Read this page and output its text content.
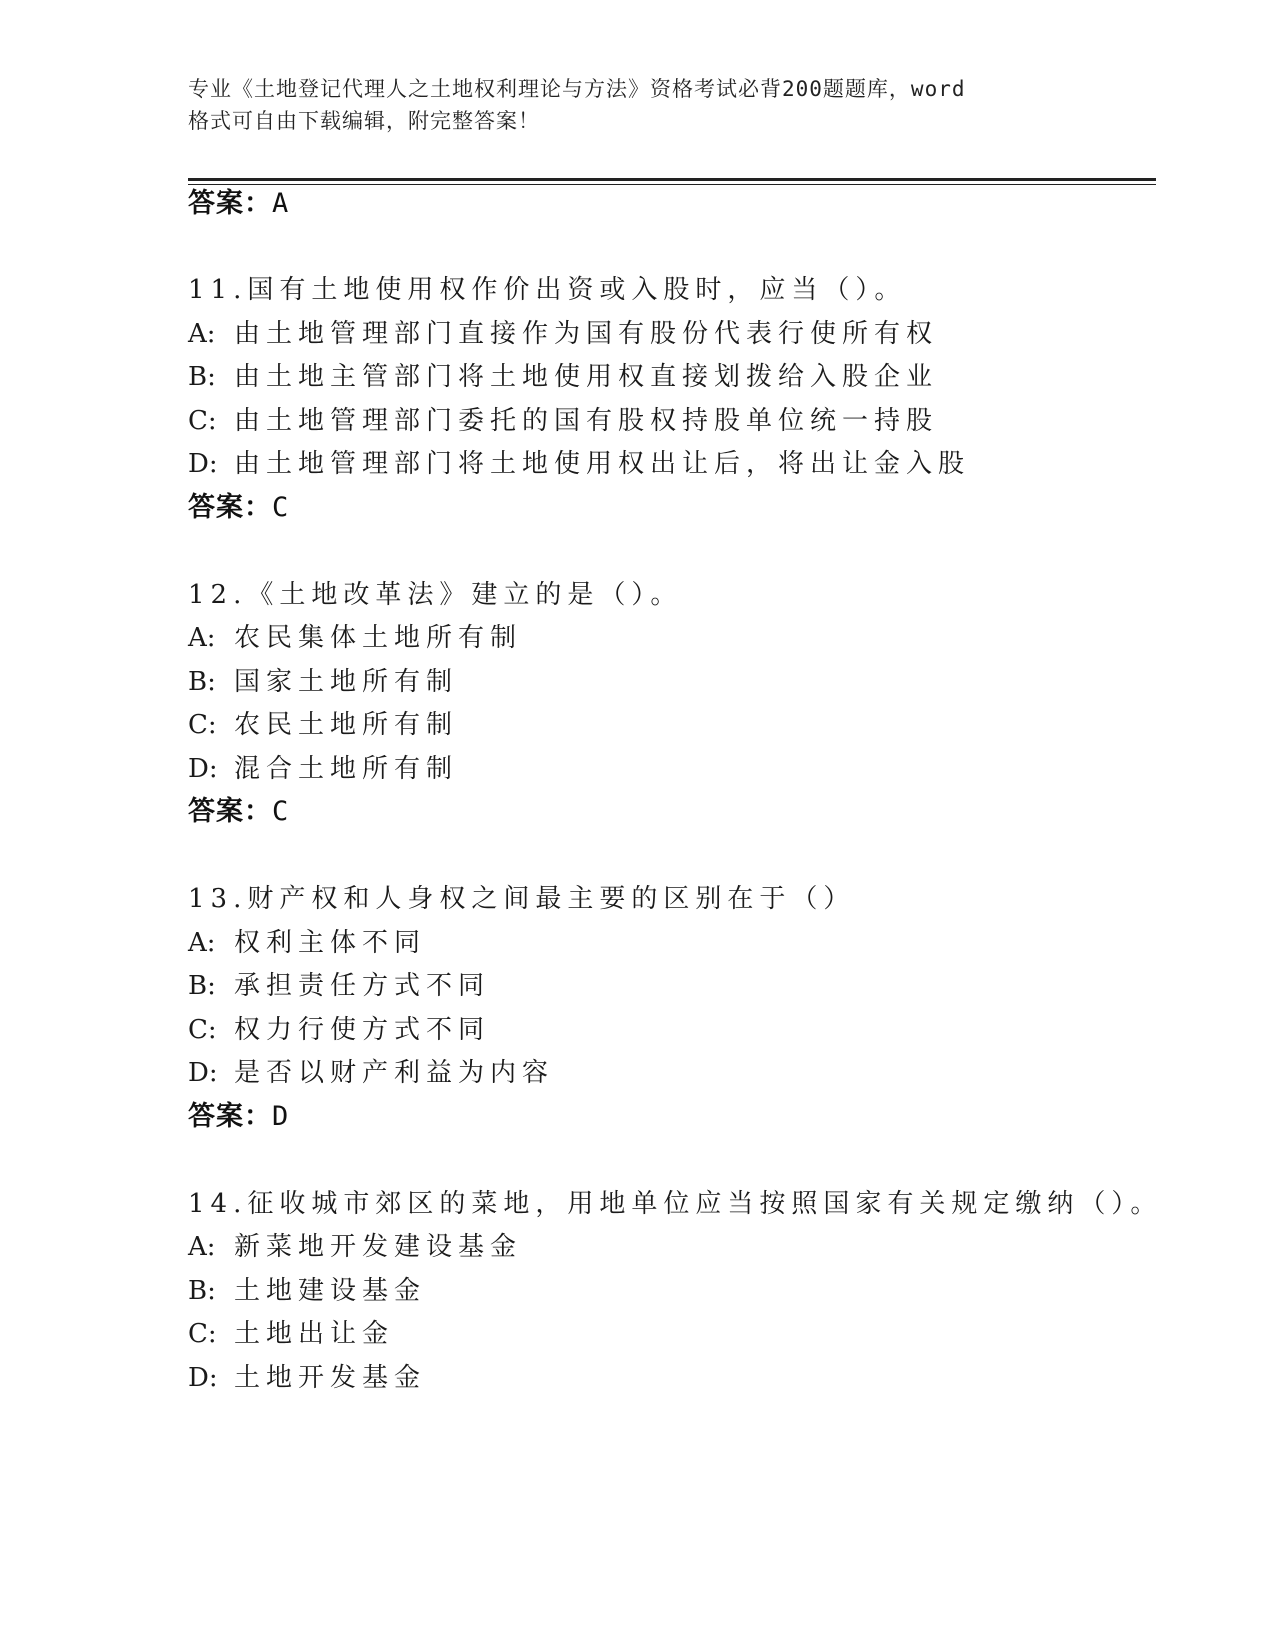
专业《土地登记代理人之土地权利理论与方法》资格考试必背200题题库，word
格式可自由下载编辑，附完整答案！
答案：A
11.国有土地使用权作价出资或入股时，应当（）。
A: 由土地管理部门直接作为国有股份代表行使所有权
B: 由土地主管部门将土地使用权直接划拨给入股企业
C: 由土地管理部门委托的国有股权持股单位统一持股
D: 由土地管理部门将土地使用权出让后，将出让金入股
答案：C
12.《土地改革法》建立的是（）。
A: 农民集体土地所有制
B: 国家土地所有制
C: 农民土地所有制
D: 混合土地所有制
答案：C
13.财产权和人身权之间最主要的区别在于（）
A: 权利主体不同
B: 承担责任方式不同
C: 权力行使方式不同
D: 是否以财产利益为内容
答案：D
14.征收城市郊区的菜地，用地单位应当按照国家有关规定缴纳（）。
A: 新菜地开发建设基金
B: 土地建设基金
C: 土地出让金
D: 土地开发基金
